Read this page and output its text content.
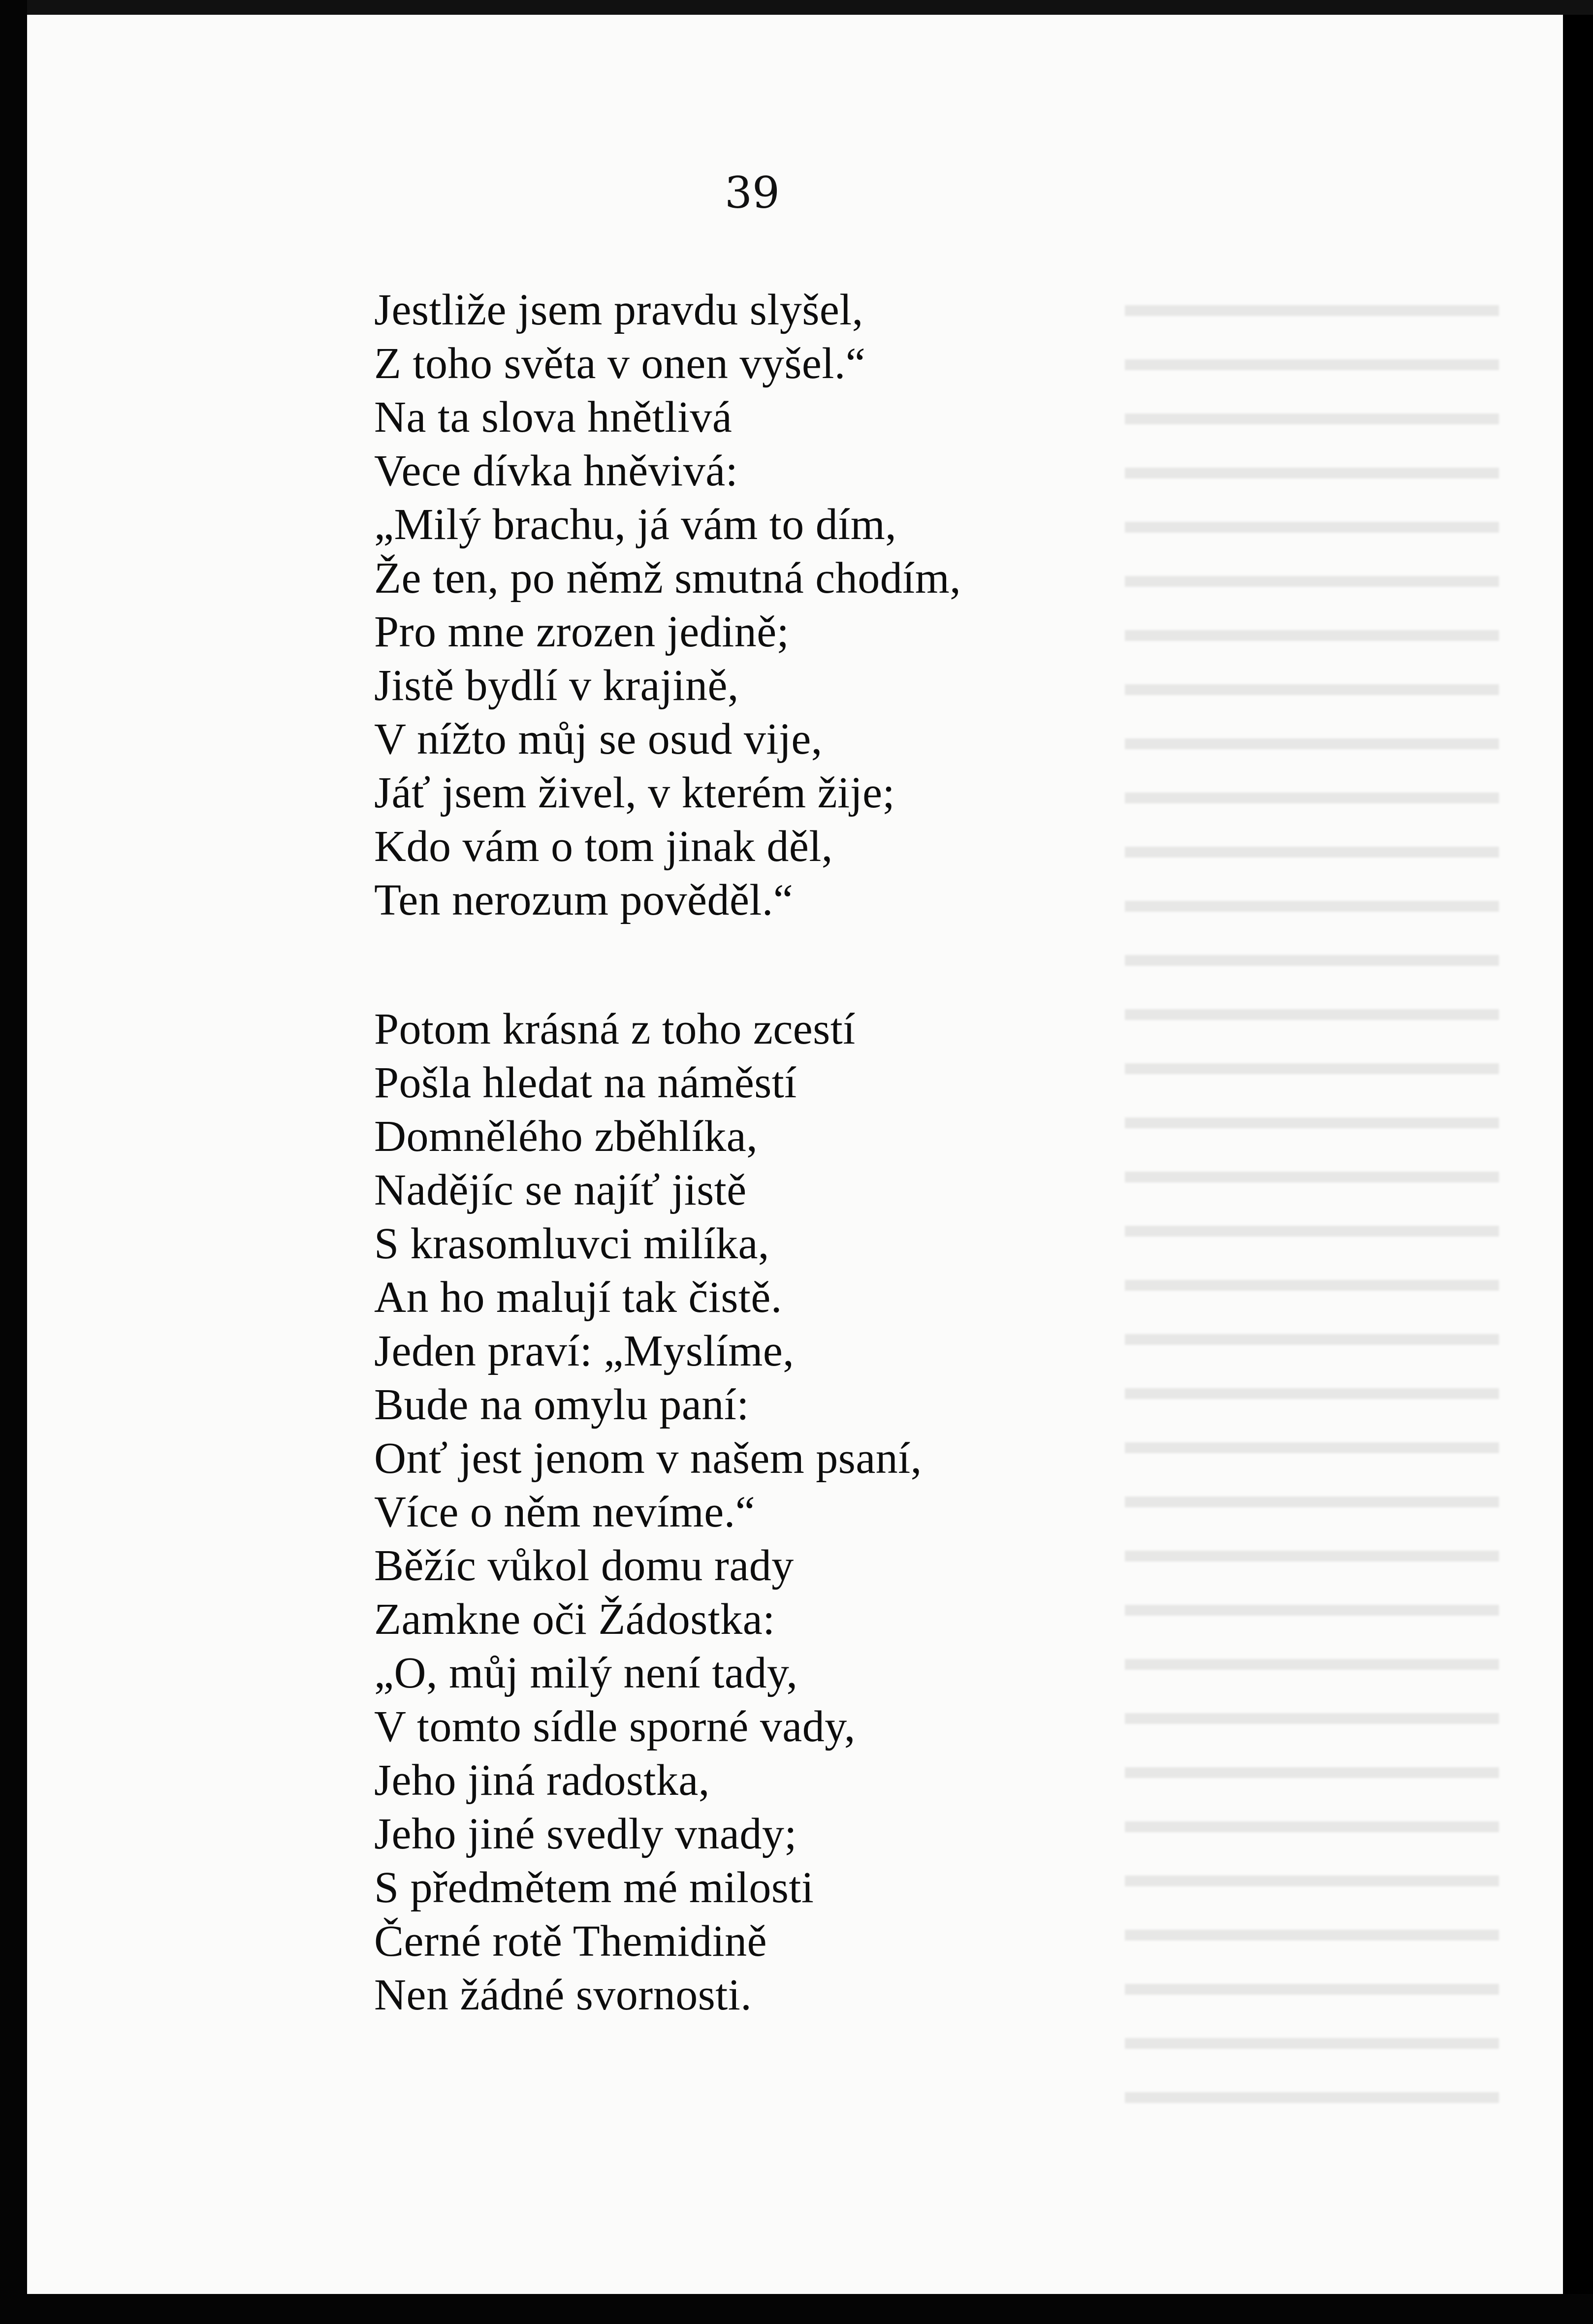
39
Jestliže jsem pravdu slyšel,
Z toho světa v onen vyšel.“
Na ta slova hnětlivá
Vece dívka hněvivá:
„Milý brachu, já vám to dím,
Že ten, po němž smutná chodím,
Pro mne zrozen jedině;
Jistě bydlí v krajině,
V nížto můj se osud vije,
Jáť jsem živel, v kterém žije;
Kdo vám o tom jinak děl,
Ten nerozum pověděl.“
Potom krásná z toho zcestí
Pošla hledat na náměstí
Domnělého zběhlíka,
Nadějíc se najíť jistě
S krasomluvci milíka,
An ho malují tak čistě.
Jeden praví: „Myslíme,
Bude na omylu paní:
Onť jest jenom v našem psaní,
Více o něm nevíme.“
Běžíc vůkol domu rady
Zamkne oči Žádostka:
„O, můj milý není tady,
V tomto sídle sporné vady,
Jeho jiná radostka,
Jeho jiné svedly vnady;
S předmětem mé milosti
Černé rotě Themidině
Nen žádné svornosti.
